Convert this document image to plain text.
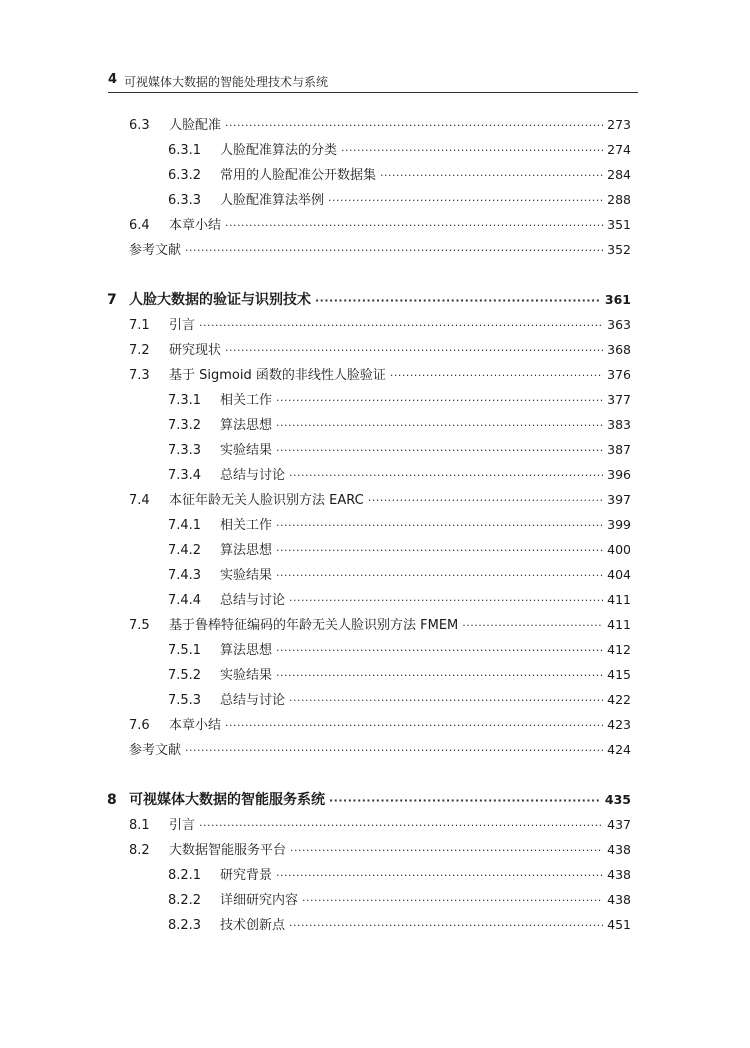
4 可视媒体大数据的智能处理技术与系统
6.3	人脸配准 ·····	273
6.3.1	人脸配准算法的分类 ·····	274
6.3.2	常用的人脸配准公开数据集 ·····	284
6.3.3	人脸配准算法举例 ·····	288
6.4	本章小结 ·····	351
参考文献 ·····	352
7 人脸大数据的验证与识别技术 ·····	361
7.1	引言 ·····	363
7.2	研究现状 ·····	368
7.3	基于 Sigmoid 函数的非线性人脸验证 ·····	376
7.3.1	相关工作 ·····	377
7.3.2	算法思想 ·····	383
7.3.3	实验结果 ·····	387
7.3.4	总结与讨论 ·····	396
7.4	本征年龄无关人脸识别方法 EARC ·····	397
7.4.1	相关工作 ·····	399
7.4.2	算法思想 ·····	400
7.4.3	实验结果 ·····	404
7.4.4	总结与讨论 ·····	411
7.5	基于鲁棒特征编码的年龄无关人脸识别方法 FMEM ·····	411
7.5.1	算法思想 ·····	412
7.5.2	实验结果 ·····	415
7.5.3	总结与讨论 ·····	422
7.6	本章小结 ·····	423
参考文献 ·····	424
8 可视媒体大数据的智能服务系统 ·····	435
8.1	引言 ·····	437
8.2	大数据智能服务平台 ·····	438
8.2.1	研究背景 ·····	438
8.2.2	详细研究内容 ·····	438
8.2.3	技术创新点 ·····	451
